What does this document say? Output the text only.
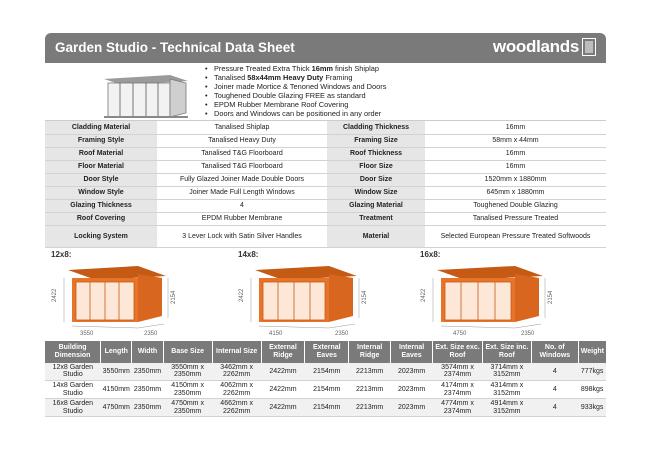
Garden Studio - Technical Data Sheet	woodlands
• Pressure Treated Extra Thick 16mm finish Shiplap
• Tanalised 58x44mm Heavy Duty Framing
• Joiner made Mortice & Tenoned Windows and Doors
• Toughened Double Glazing FREE as standard
• EPDM Rubber Membrane Roof Covering
• Doors and Windows can be positioned in any order
Cladding Material	Tanalised Shiplap	Cladding Thickness	16mm
Framing Style	Tanalised Heavy Duty	Framing Size	58mm x 44mm
Roof Material	Tanalised T&G Floorboard	Roof Thickness	16mm
Floor Material	Tanalised T&G Floorboard	Floor Size	16mm
Door Style	Fully Glazed Joiner Made Double Doors	Door Size	1520mm x 1880mm
Window Style	Joiner Made Full Length Windows	Window Size	645mm x 1880mm
Glazing Thickness	4	Glazing Material	Toughened Double Glazing
Roof Covering	EPDM Rubber Membrane	Treatment	Tanalised Pressure Treated
Locking System	3 Lever Lock with Satin Silver Handles	Material	Selected European Pressure Treated Softwoods
12x8:
2422	2154
3550	2350
14x8:
2422	2154
4150	2350
16x8:
2422	2154
4750	2350
Building Dimension	Length	Width	Base Size	Internal Size	External Ridge	External Eaves	Internal Ridge	Internal Eaves	Ext. Size exc. Roof	Ext. Size inc. Roof	No. of Windows	Weight
12x8 Garden Studio	3550mm	2350mm	3550mm x 2350mm	3462mm x 2262mm	2422mm	2154mm	2213mm	2023mm	3574mm x 2374mm	3714mm x 3152mm	4	777kgs
14x8 Garden Studio	4150mm	2350mm	4150mm x 2350mm	4062mm x 2262mm	2422mm	2154mm	2213mm	2023mm	4174mm x 2374mm	4314mm x 3152mm	4	898kgs
16x8 Garden Studio	4750mm	2350mm	4750mm x 2350mm	4662mm x 2262mm	2422mm	2154mm	2213mm	2023mm	4774mm x 2374mm	4914mm x 3152mm	4	933kgs
